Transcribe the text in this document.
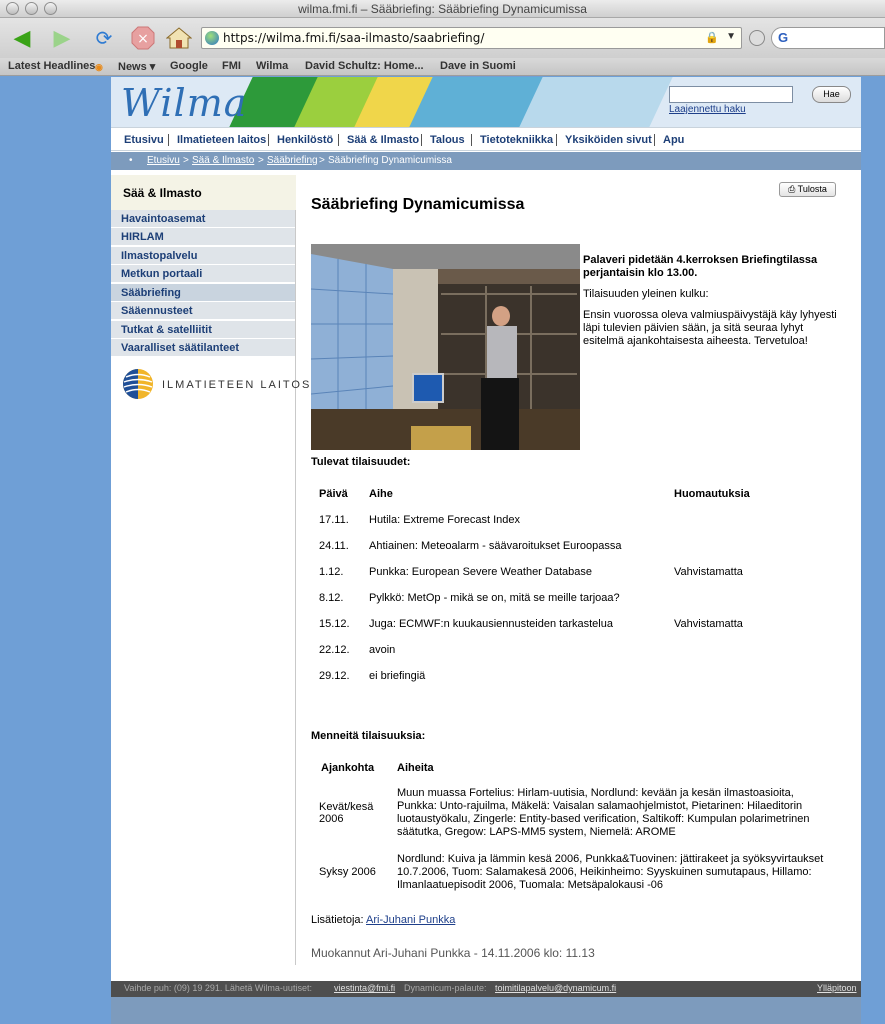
wilma.fmi.fi – Sääbriefing: Sääbriefing Dynamicumissa
◀	▶	⟳	×	https://wilma.fmi.fi/saa-ilmasto/saabriefing/	🔒 ▼	G
Latest Headlines ◉ News ▾ Google FMI Wilma David Schultz: Home... Dave in Suomi
Wilma	Hae
Laajennettu haku
Etusivu Ilmatieteen laitos Henkilöstö Sää & Ilmasto Talous Tietotekniikka Yksiköiden sivut Apu
• Etusivu > Sää & Ilmasto > Sääbriefing > Sääbriefing Dynamicumissa
Sää & Ilmasto
Havaintoasemat
HIRLAM
Ilmastopalvelu
Metkun portaali
Sääbriefing
Sääennusteet
Tutkat & satelliitit
Vaaralliset säätilanteet
ILMATIETEEN LAITOS
⎙ Tulosta
Sääbriefing Dynamicumissa

Palaveri pidetään 4.kerroksen Briefingtilassa perjantaisin klo 13.00.

Tilaisuuden yleinen kulku:

Ensin vuorossa oleva valmiuspäivystäjä käy lyhyesti läpi tulevien päivien sään, ja sitä seuraa lyhyt esitelmä ajankohtaisesta aiheesta. Tervetuloa!

Tulevat tilaisuudet:
Päivä	Aihe	Huomautuksia
17.11.	Hutila: Extreme Forecast Index	
24.11.	Ahtiainen: Meteoalarm - säävaroitukset Euroopassa	
1.12.	Punkka: European Severe Weather Database	Vahvistamatta
8.12.	Pylkkö: MetOp - mikä se on, mitä se meille tarjoaa?	
15.12.	Juga: ECMWF:n kuukausiennusteiden tarkastelua	Vahvistamatta
22.12.	avoin	
29.12.	ei briefingiä	
Menneitä tilaisuuksia:
Ajankohta	Aiheita
Kevät/kesä 2006	Muun muassa Fortelius: Hirlam-uutisia, Nordlund: kevään ja kesän ilmastoasioita, Punkka: Unto-rajuilma, Mäkelä: Vaisalan salamaohjelmistot, Pietarinen: Hilaeditorin luotaustyökalu, Zingerle: Entity-based verification, Saltikoff: Kumpulan polarimetrinen säätutka, Gregow: LAPS-MM5 system, Niemelä: AROME
Syksy 2006	Nordlund: Kuiva ja lämmin kesä 2006, Punkka&Tuovinen: jättirakeet ja syöksyvirtaukset 10.7.2006, Tuom: Salamakesä 2006, Heikinheimo: Syyskuinen sumutapaus, Hillamo: Ilmanlaatuepisodit 2006, Tuomala: Metsäpalokausi -06
Lisätietoja: Ari-Juhani Punkka
Muokannut Ari-Juhani Punkka - 14.11.2006 klo: 11.13
Vaihde puh: (09) 19 291. Lähetä Wilma-uutiset: viestinta@fmi.fi Dynamicum-palaute: toimitilapalvelu@dynamicum.fi	Ylläpitoon
